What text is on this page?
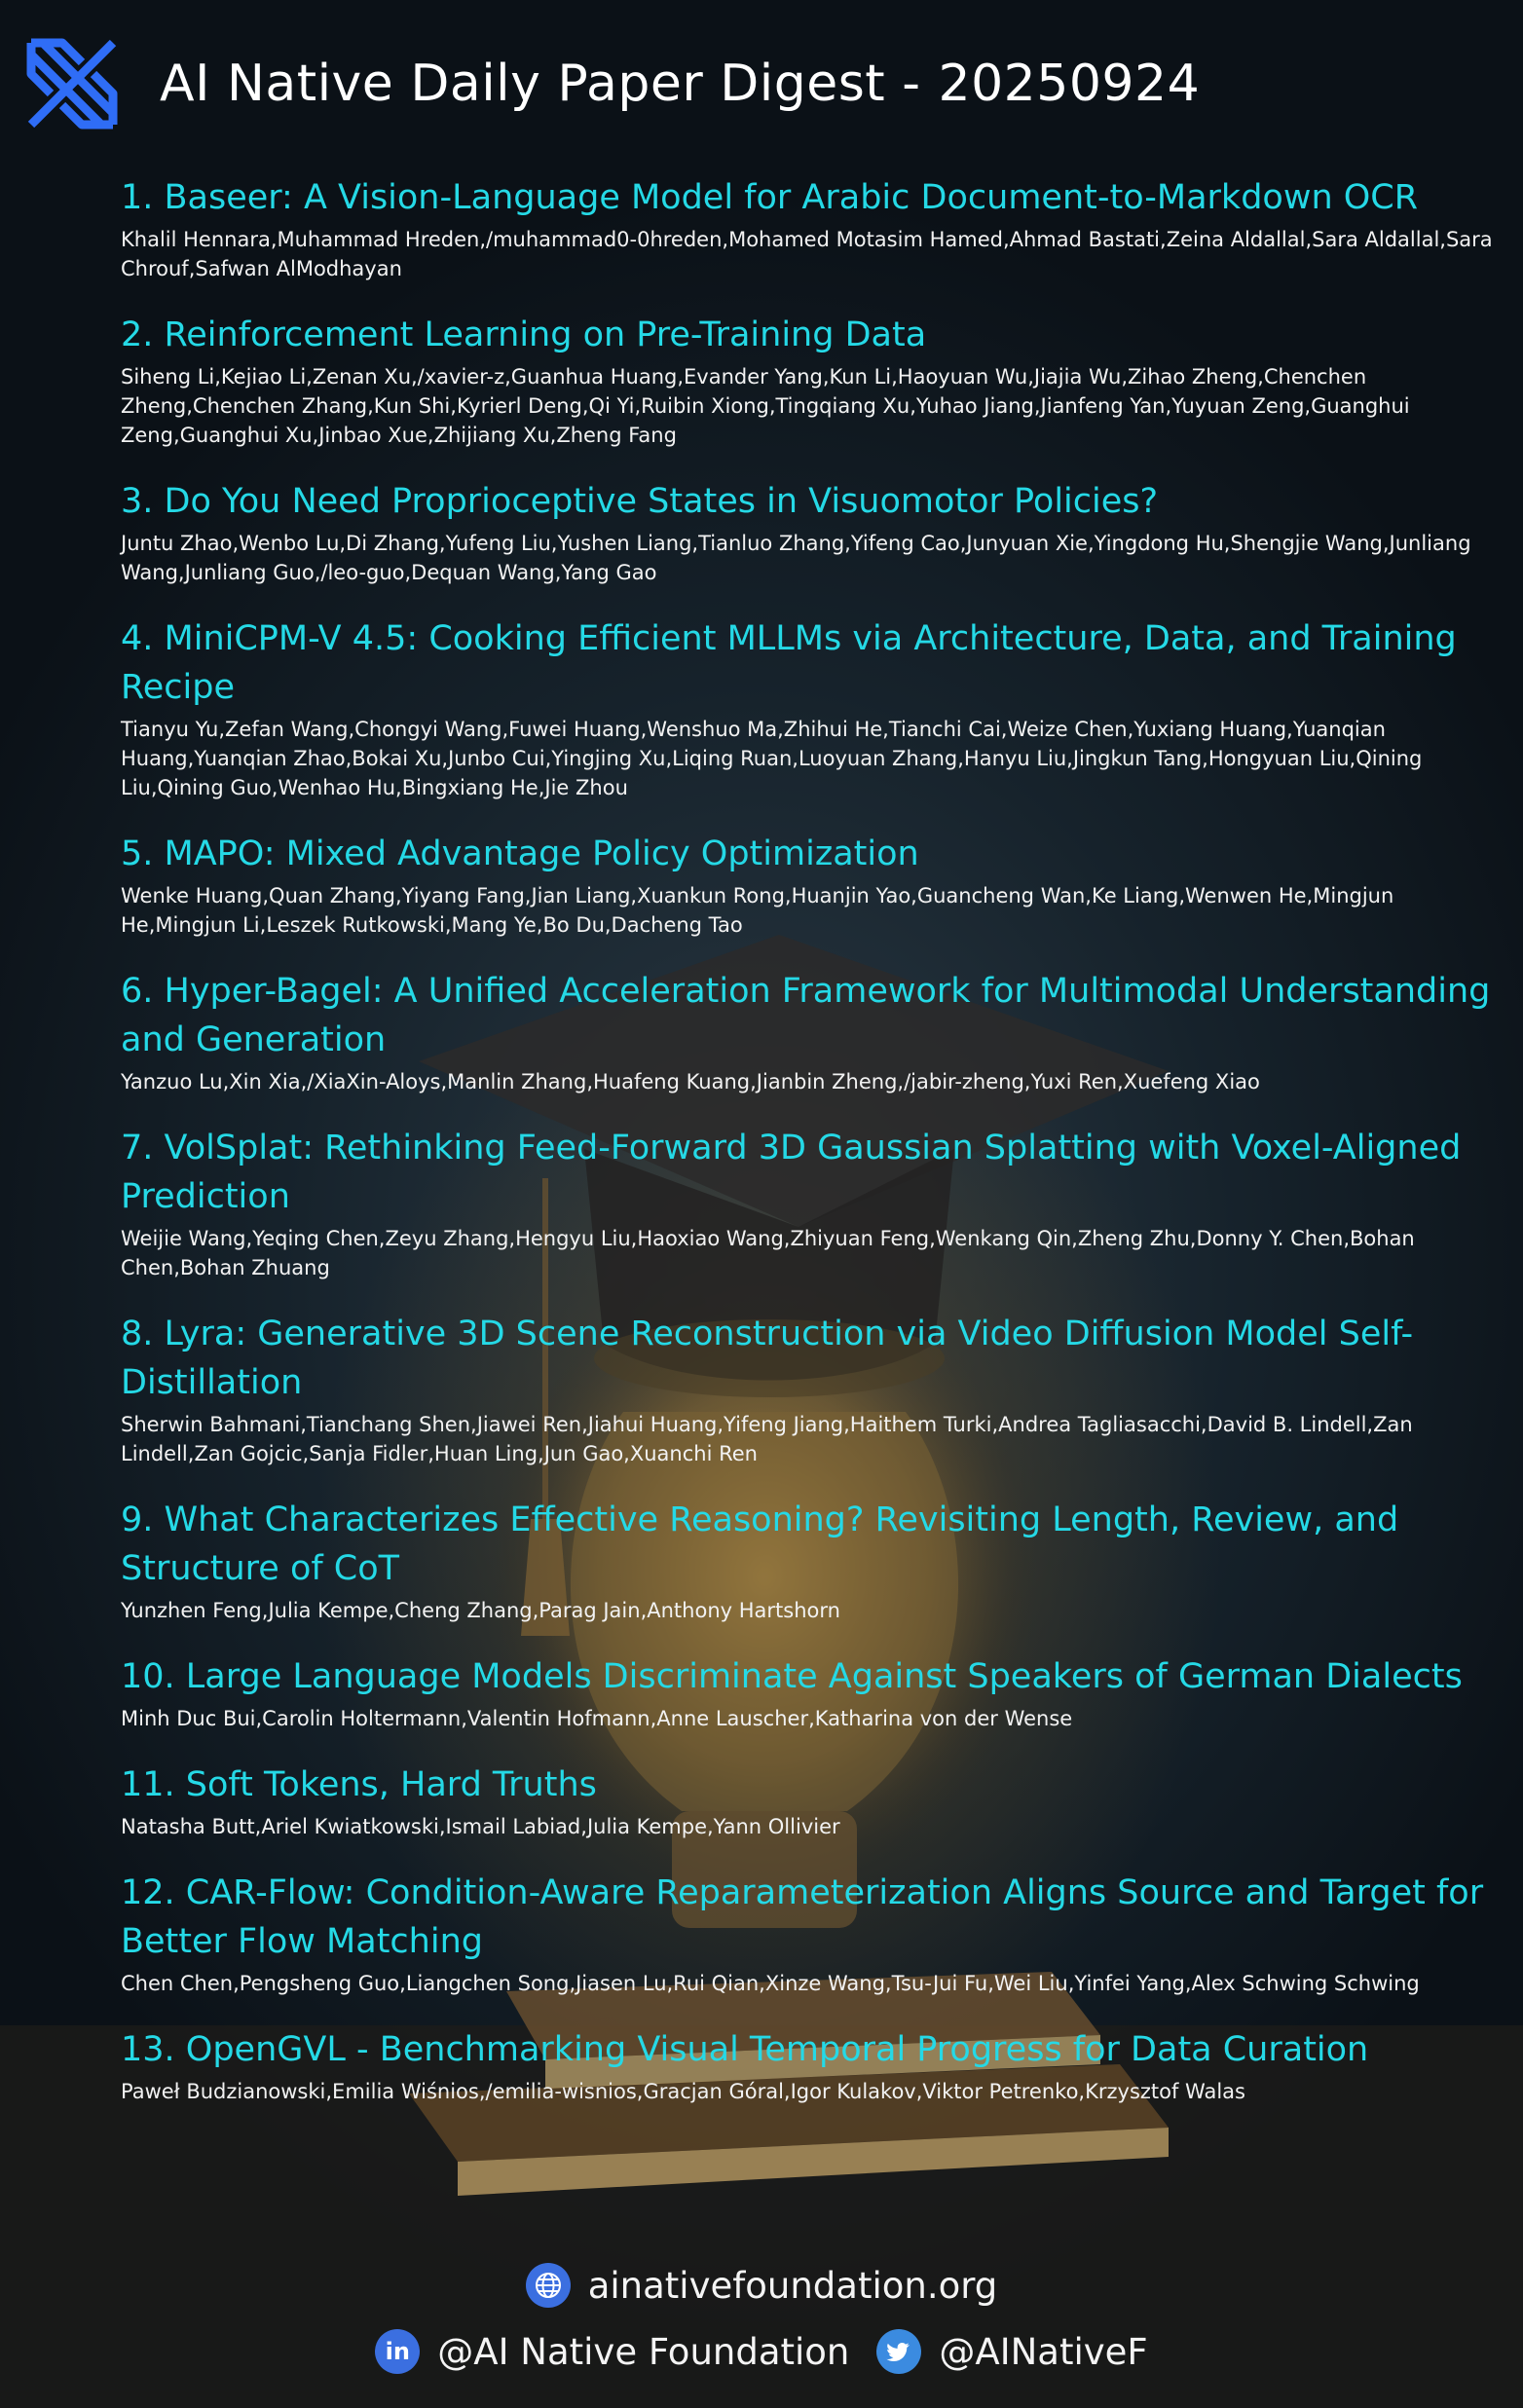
AI Native Daily Paper Digest - 20250924
1. Baseer: A Vision-Language Model for Arabic Document-to-Markdown OCR
Khalil Hennara,Muhammad Hreden,/muhammad0-0hreden,Mohamed Motasim Hamed,Ahmad Bastati,Zeina Aldallal,Sara Aldallal,Sara Chrouf,Safwan AlModhayan
2. Reinforcement Learning on Pre-Training Data
Siheng Li,Kejiao Li,Zenan Xu,/xavier-z,Guanhua Huang,Evander Yang,Kun Li,Haoyuan Wu,Jiajia Wu,Zihao Zheng,Chenchen Zheng,Chenchen Zhang,Kun Shi,Kyrierl Deng,Qi Yi,Ruibin Xiong,Tingqiang Xu,Yuhao Jiang,Jianfeng Yan,Yuyuan Zeng,Guanghui Zeng,Guanghui Xu,Jinbao Xue,Zhijiang Xu,Zheng Fang
3. Do You Need Proprioceptive States in Visuomotor Policies?
Juntu Zhao,Wenbo Lu,Di Zhang,Yufeng Liu,Yushen Liang,Tianluo Zhang,Yifeng Cao,Junyuan Xie,Yingdong Hu,Shengjie Wang,Junliang Wang,Junliang Guo,/leo-guo,Dequan Wang,Yang Gao
4. MiniCPM-V 4.5: Cooking Efficient MLLMs via Architecture, Data, and Training Recipe
Tianyu Yu,Zefan Wang,Chongyi Wang,Fuwei Huang,Wenshuo Ma,Zhihui He,Tianchi Cai,Weize Chen,Yuxiang Huang,Yuanqian Huang,Yuanqian Zhao,Bokai Xu,Junbo Cui,Yingjing Xu,Liqing Ruan,Luoyuan Zhang,Hanyu Liu,Jingkun Tang,Hongyuan Liu,Qining Liu,Qining Guo,Wenhao Hu,Bingxiang He,Jie Zhou
5. MAPO: Mixed Advantage Policy Optimization
Wenke Huang,Quan Zhang,Yiyang Fang,Jian Liang,Xuankun Rong,Huanjin Yao,Guancheng Wan,Ke Liang,Wenwen He,Mingjun He,Mingjun Li,Leszek Rutkowski,Mang Ye,Bo Du,Dacheng Tao
6. Hyper-Bagel: A Unified Acceleration Framework for Multimodal Understanding and Generation
Yanzuo Lu,Xin Xia,/XiaXin-Aloys,Manlin Zhang,Huafeng Kuang,Jianbin Zheng,/jabir-zheng,Yuxi Ren,Xuefeng Xiao
7. VolSplat: Rethinking Feed-Forward 3D Gaussian Splatting with Voxel-Aligned Prediction
Weijie Wang,Yeqing Chen,Zeyu Zhang,Hengyu Liu,Haoxiao Wang,Zhiyuan Feng,Wenkang Qin,Zheng Zhu,Donny Y. Chen,Bohan Chen,Bohan Zhuang
8. Lyra: Generative 3D Scene Reconstruction via Video Diffusion Model Self-Distillation
Sherwin Bahmani,Tianchang Shen,Jiawei Ren,Jiahui Huang,Yifeng Jiang,Haithem Turki,Andrea Tagliasacchi,David B. Lindell,Zan Lindell,Zan Gojcic,Sanja Fidler,Huan Ling,Jun Gao,Xuanchi Ren
9. What Characterizes Effective Reasoning? Revisiting Length, Review, and Structure of CoT
Yunzhen Feng,Julia Kempe,Cheng Zhang,Parag Jain,Anthony Hartshorn
10. Large Language Models Discriminate Against Speakers of German Dialects
Minh Duc Bui,Carolin Holtermann,Valentin Hofmann,Anne Lauscher,Katharina von der Wense
11. Soft Tokens, Hard Truths
Natasha Butt,Ariel Kwiatkowski,Ismail Labiad,Julia Kempe,Yann Ollivier
12. CAR-Flow: Condition-Aware Reparameterization Aligns Source and Target for Better Flow Matching
Chen Chen,Pengsheng Guo,Liangchen Song,Jiasen Lu,Rui Qian,Xinze Wang,Tsu-Jui Fu,Wei Liu,Yinfei Yang,Alex Schwing Schwing
13. OpenGVL - Benchmarking Visual Temporal Progress for Data Curation
Paweł Budzianowski,Emilia Wiśnios,/emilia-wisnios,Gracjan Góral,Igor Kulakov,Viktor Petrenko,Krzysztof Walas
ainativefoundation.org
in @AI Native Foundation @AINativeF
